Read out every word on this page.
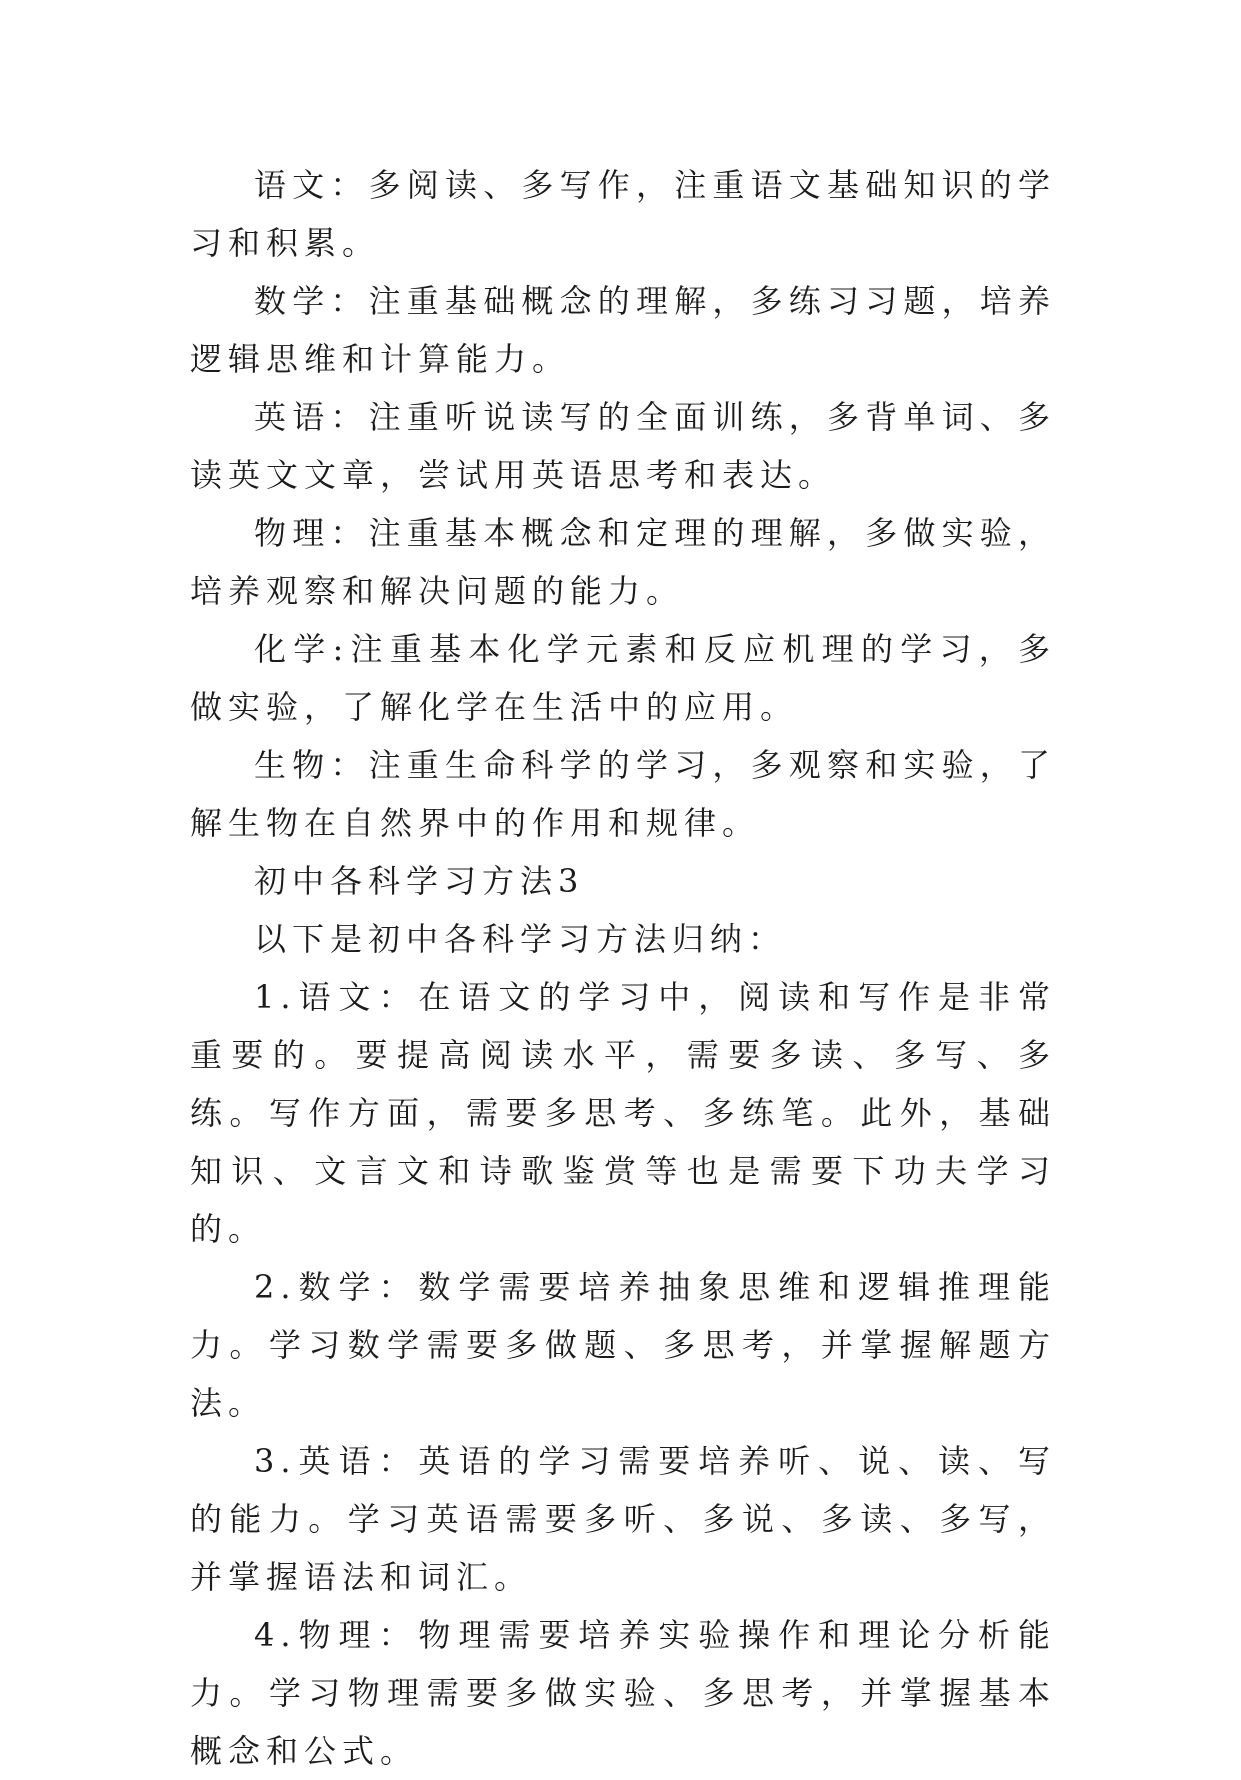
语文：多阅读、多写作，注重语文基础知识的学习和积累。

数学：注重基础概念的理解，多练习习题，培养逻辑思维和计算能力。

英语：注重听说读写的全面训练，多背单词、多读英文文章，尝试用英语思考和表达。

物理：注重基本概念和定理的理解，多做实验，培养观察和解决问题的能力。

化学:注重基本化学元素和反应机理的学习，多做实验，了解化学在生活中的应用。

生物：注重生命科学的学习，多观察和实验，了解生物在自然界中的作用和规律。

初中各科学习方法3

以下是初中各科学习方法归纳：

1.语文：在语文的学习中，阅读和写作是非常重要的。要提高阅读水平，需要多读、多写、多练。写作方面，需要多思考、多练笔。此外，基础知识、文言文和诗歌鉴赏等也是需要下功夫学习的。

2.数学：数学需要培养抽象思维和逻辑推理能力。学习数学需要多做题、多思考，并掌握解题方法。

3.英语：英语的学习需要培养听、说、读、写的能力。学习英语需要多听、多说、多读、多写，并掌握语法和词汇。

4.物理：物理需要培养实验操作和理论分析能力。学习物理需要多做实验、多思考，并掌握基本概念和公式。
